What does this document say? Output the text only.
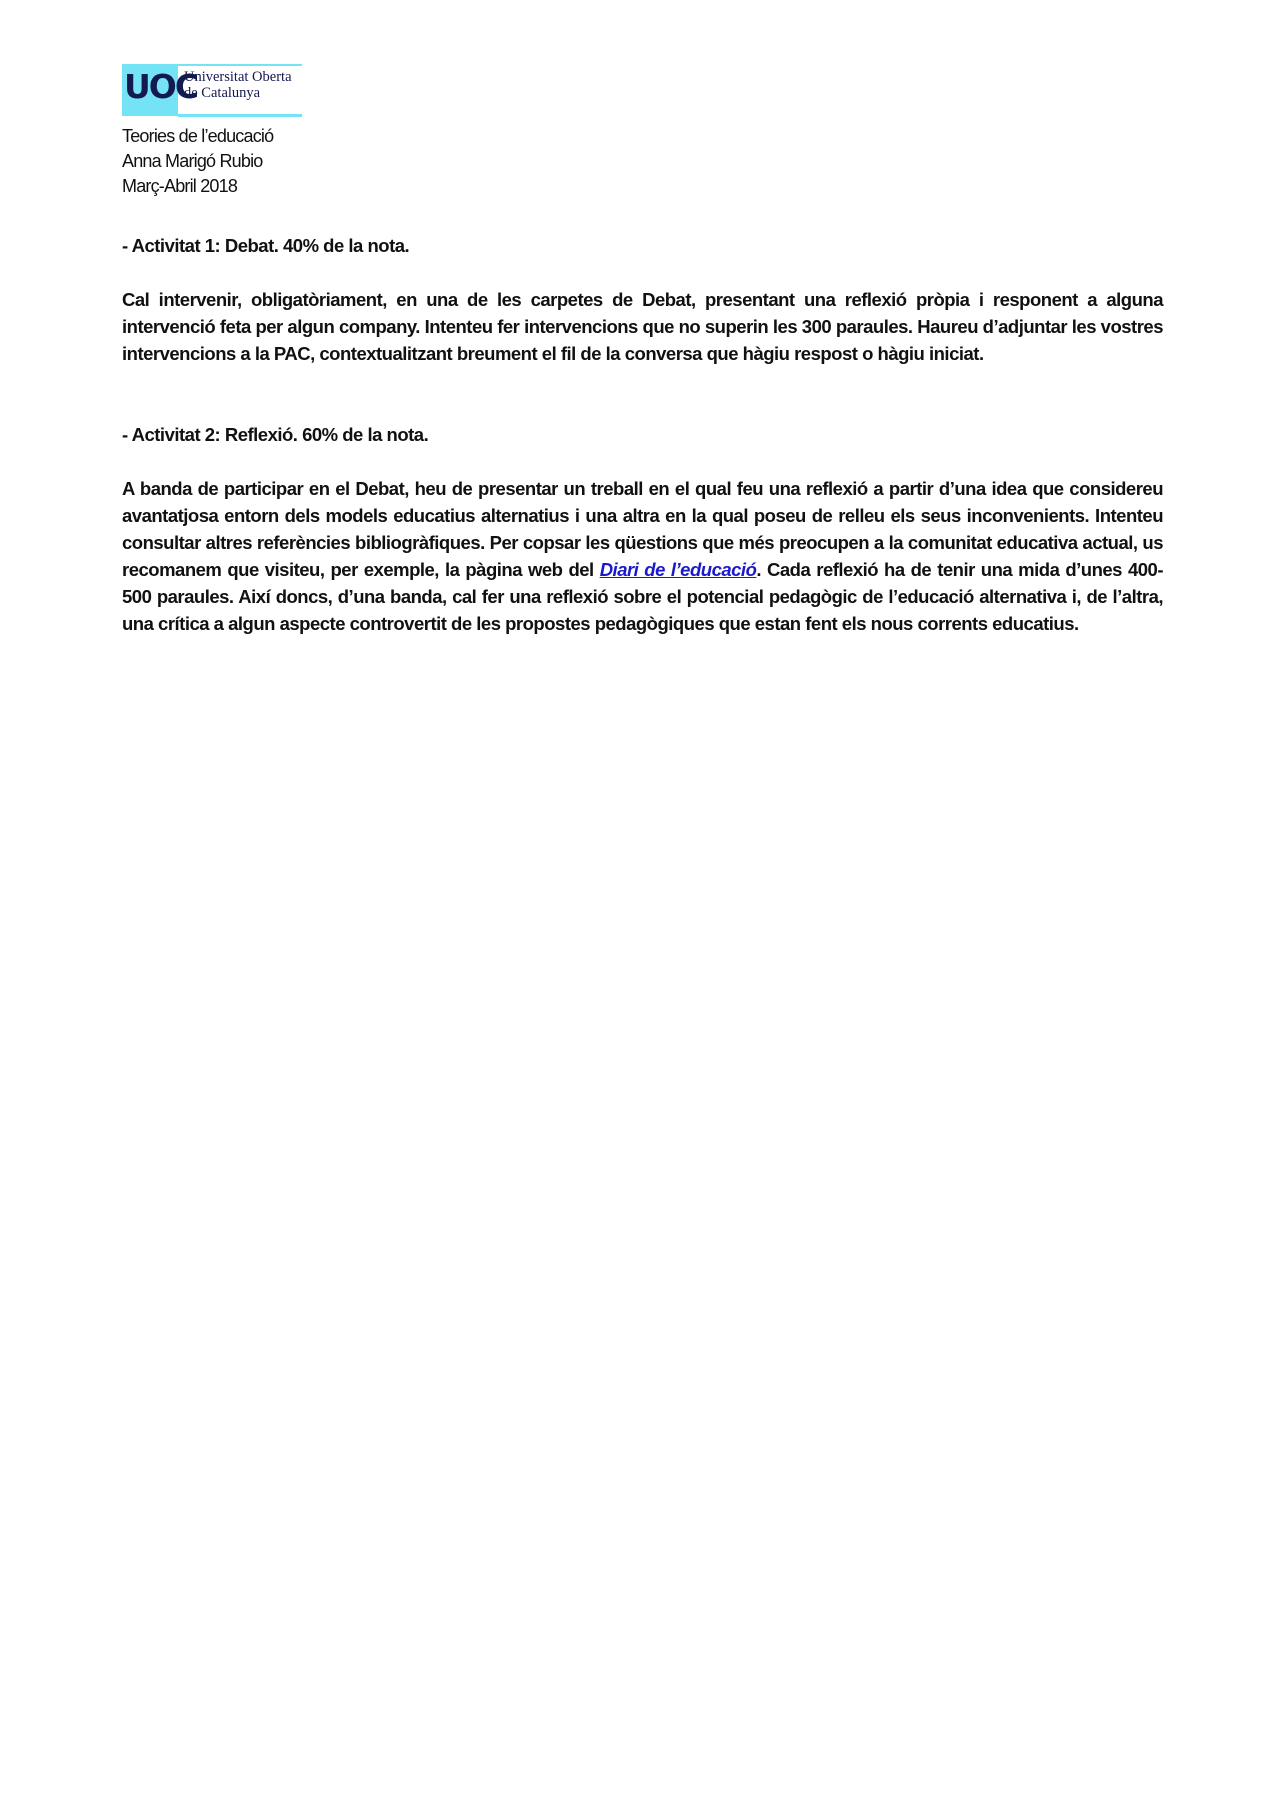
UOC
Universitat Oberta
de Catalunya
Teories de l’educació
Anna Marigó Rubio
Març-Abril 2018

- Activitat 1: Debat. 40% de la nota.

Cal intervenir, obligatòriament, en una de les carpetes de Debat, presentant una reflexió pròpia i responent a alguna intervenció feta per algun company. Intenteu fer intervencions que no superin les 300 paraules. Haureu d’adjuntar les vostres intervencions a la PAC, contextualitzant breument el fil de la conversa que hàgiu respost o hàgiu iniciat.

- Activitat 2: Reflexió. 60% de la nota.

A banda de participar en el Debat, heu de presentar un treball en el qual feu una reflexió a partir d’una idea que considereu avantatjosa entorn dels models educatius alternatius i una altra en la qual poseu de relleu els seus inconvenients. Intenteu consultar altres referències bibliogràfiques. Per copsar les qüestions que més preocupen a la comunitat educativa actual, us recomanem que visiteu, per exemple, la pàgina web del Diari de l’educació. Cada reflexió ha de tenir una mida d’unes 400-500 paraules. Així doncs, d’una banda, cal fer una reflexió sobre el potencial pedagògic de l’educació alternativa i, de l’altra, una crítica a algun aspecte controvertit de les propostes pedagògiques que estan fent els nous corrents educatius.
